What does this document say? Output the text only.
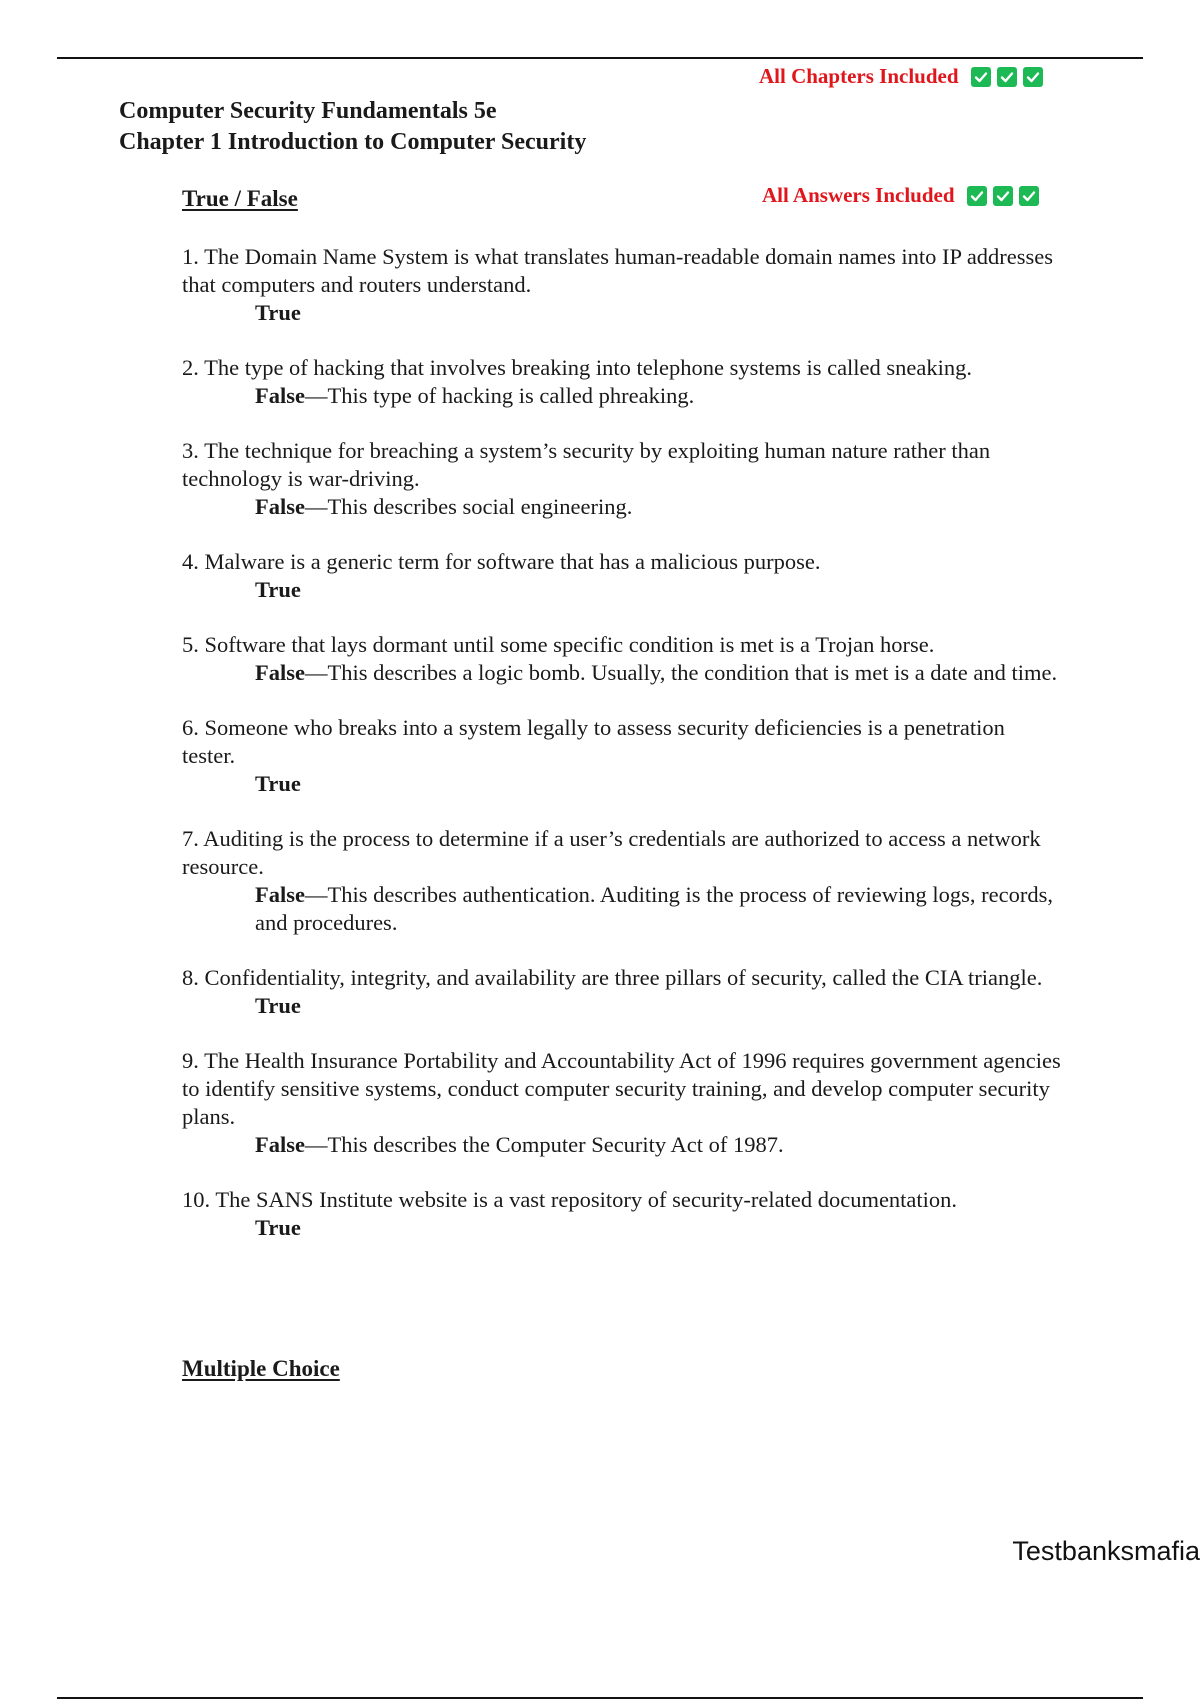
All Chapters Included
Computer Security Fundamentals 5e
Chapter 1 Introduction to Computer Security
True / False	All Answers Included

1. The Domain Name System is what translates human-readable domain names into IP addresses that computers and routers understand.

True

2. The type of hacking that involves breaking into telephone systems is called sneaking.

False—This type of hacking is called phreaking.

3. The technique for breaching a system’s security by exploiting human nature rather than technology is war-driving.

False—This describes social engineering.

4. Malware is a generic term for software that has a malicious purpose.

True

5. Software that lays dormant until some specific condition is met is a Trojan horse.

False—This describes a logic bomb. Usually, the condition that is met is a date and time.

6. Someone who breaks into a system legally to assess security deficiencies is a penetration tester.

True

7. Auditing is the process to determine if a user’s credentials are authorized to access a network resource.

False—This describes authentication. Auditing is the process of reviewing logs, records, and procedures.

8. Confidentiality, integrity, and availability are three pillars of security, called the CIA triangle.

True

9. The Health Insurance Portability and Accountability Act of 1996 requires government agencies to identify sensitive systems, conduct computer security training, and develop computer security plans.

False—This describes the Computer Security Act of 1987.

10. The SANS Institute website is a vast repository of security-related documentation.

True

Multiple Choice
Testbanksmafia
